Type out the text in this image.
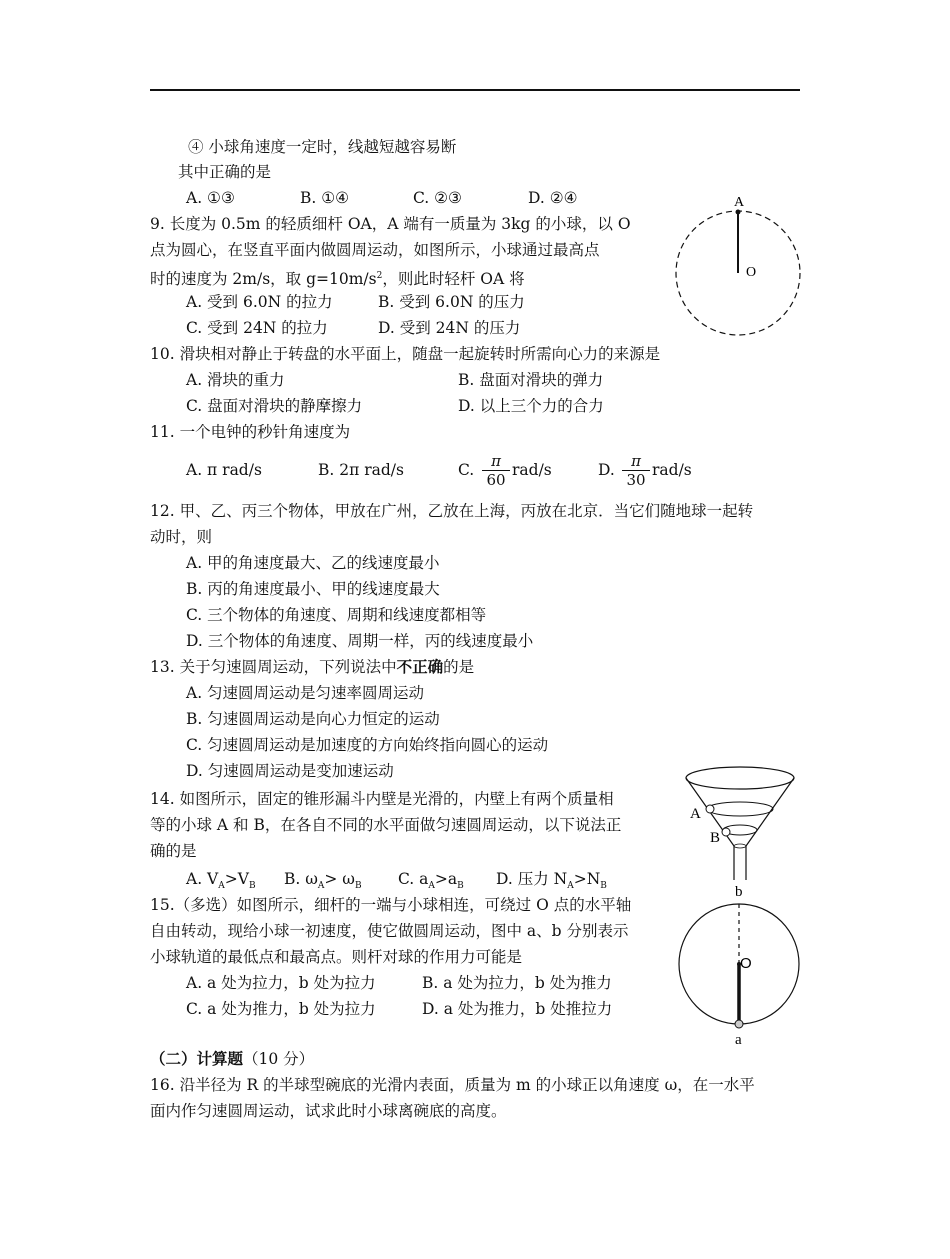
④ 小球角速度一定时，线越短越容易断
其中正确的是
A. ①③	B. ①④	C. ②③	D. ②④
9. 长度为 0.5m 的轻质细杆 OA，A 端有一质量为 3kg 的小球，以 O
点为圆心，在竖直平面内做圆周运动，如图所示，小球通过最高点
时的速度为 2m/s，取 $g=10m/s^2$，则此时轻杆 OA 将
A. 受到 6.0N 的拉力	B. 受到 6.0N 的压力
C. 受到 24N 的拉力	D. 受到 24N 的压力
A
O
10. 滑块相对静止于转盘的水平面上，随盘一起旋转时所需向心力的来源是
A. 滑块的重力	B. 盘面对滑块的弹力
C. 盘面对滑块的静摩擦力	D. 以上三个力的合力
11. 一个电钟的秒针角速度为
A. π rad/s	B. 2π rad/s	C. $\frac{\pi}{60} rad/s$	D. $\frac{\pi}{30} rad/s$
12. 甲、乙、丙三个物体，甲放在广州，乙放在上海，丙放在北京．当它们随地球一起转
动时，则
A. 甲的角速度最大、乙的线速度最小
B. 丙的角速度最小、甲的线速度最大
C. 三个物体的角速度、周期和线速度都相等
D. 三个物体的角速度、周期一样，丙的线速度最小
13. 关于匀速圆周运动，下列说法中不正确的是
A. 匀速圆周运动是匀速率圆周运动
B. 匀速圆周运动是向心力恒定的运动
C. 匀速圆周运动是加速度的方向始终指向圆心的运动
D. 匀速圆周运动是变加速运动
14. 如图所示，固定的锥形漏斗内壁是光滑的，内壁上有两个质量相
等的小球 A 和 B，在各自不同的水平面做匀速圆周运动，以下说法正
确的是
A. $V_A>V_B$ B. $\omega_A> \omega_B$ C. $a_A>a_B$ D. 压力 $N_A>N_B$
A
B
15.（多选）如图所示，细杆的一端与小球相连，可绕过 O 点的水平轴
自由转动，现给小球一初速度，使它做圆周运动，图中 a、b 分别表示
小球轨道的最低点和最高点。则杆对球的作用力可能是
A. a 处为拉力，b 处为拉力	B. a 处为拉力，b 处为推力
C. a 处为推力，b 处为拉力	D. a 处为推力，b 处推拉力
b
O
a
（二）计算题（10 分）
16. 沿半径为 R 的半球型碗底的光滑内表面，质量为 m 的小球正以角速度 ω，在一水平
面内作匀速圆周运动，试求此时小球离碗底的高度。
